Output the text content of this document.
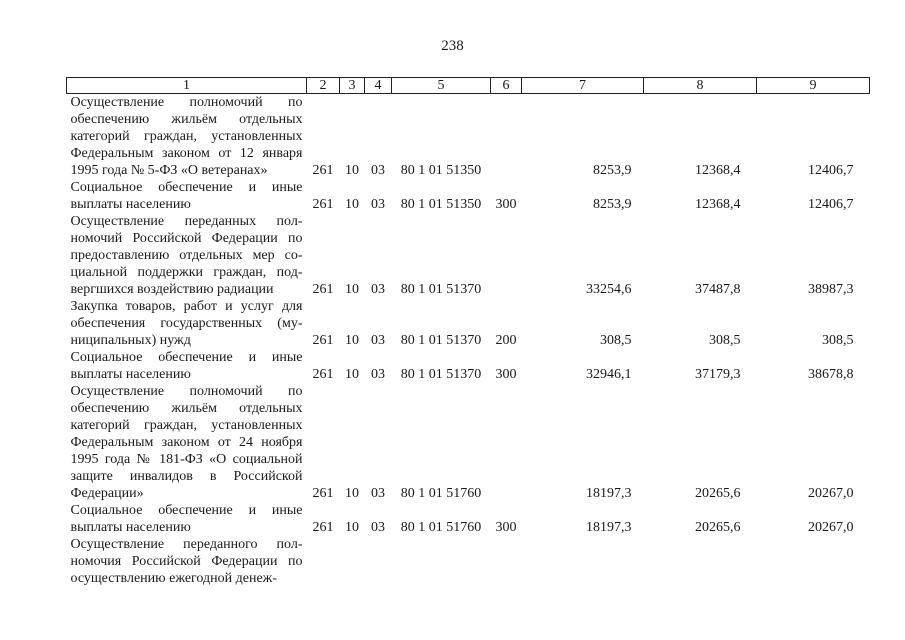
238
1	2	3	4	5	6	7	8	9
Осуществление полномочий по обеспечению жильём отдельных категорий граждан, установленных Федеральным законом от 12 января 1995 года № 5-ФЗ «О ветеранах»	261	10	03	80 1 01 51350		8253,9	12368,4	12406,7
Социальное обеспечение и иные выплаты населению	261	10	03	80 1 01 51350	300	8253,9	12368,4	12406,7
Осуществление переданных полномочий Российской Федерации по предоставлению отдельных мер социальной поддержки граждан, подвергшихся воздействию радиации	261	10	03	80 1 01 51370		33254,6	37487,8	38987,3
Закупка товаров, работ и услуг для обеспечения государственных (муниципальных) нужд	261	10	03	80 1 01 51370	200	308,5	308,5	308,5
Социальное обеспечение и иные выплаты населению	261	10	03	80 1 01 51370	300	32946,1	37179,3	38678,8
Осуществление полномочий по обеспечению жильём отдельных категорий граждан, установленных Федеральным законом от 24 ноября 1995 года № 181-ФЗ «О социальной защите инвалидов в Российской Федерации»	261	10	03	80 1 01 51760		18197,3	20265,6	20267,0
Социальное обеспечение и иные выплаты населению	261	10	03	80 1 01 51760	300	18197,3	20265,6	20267,0
Осуществление переданного полномочия Российской Федерации по осуществлению ежегодной денеж-								
